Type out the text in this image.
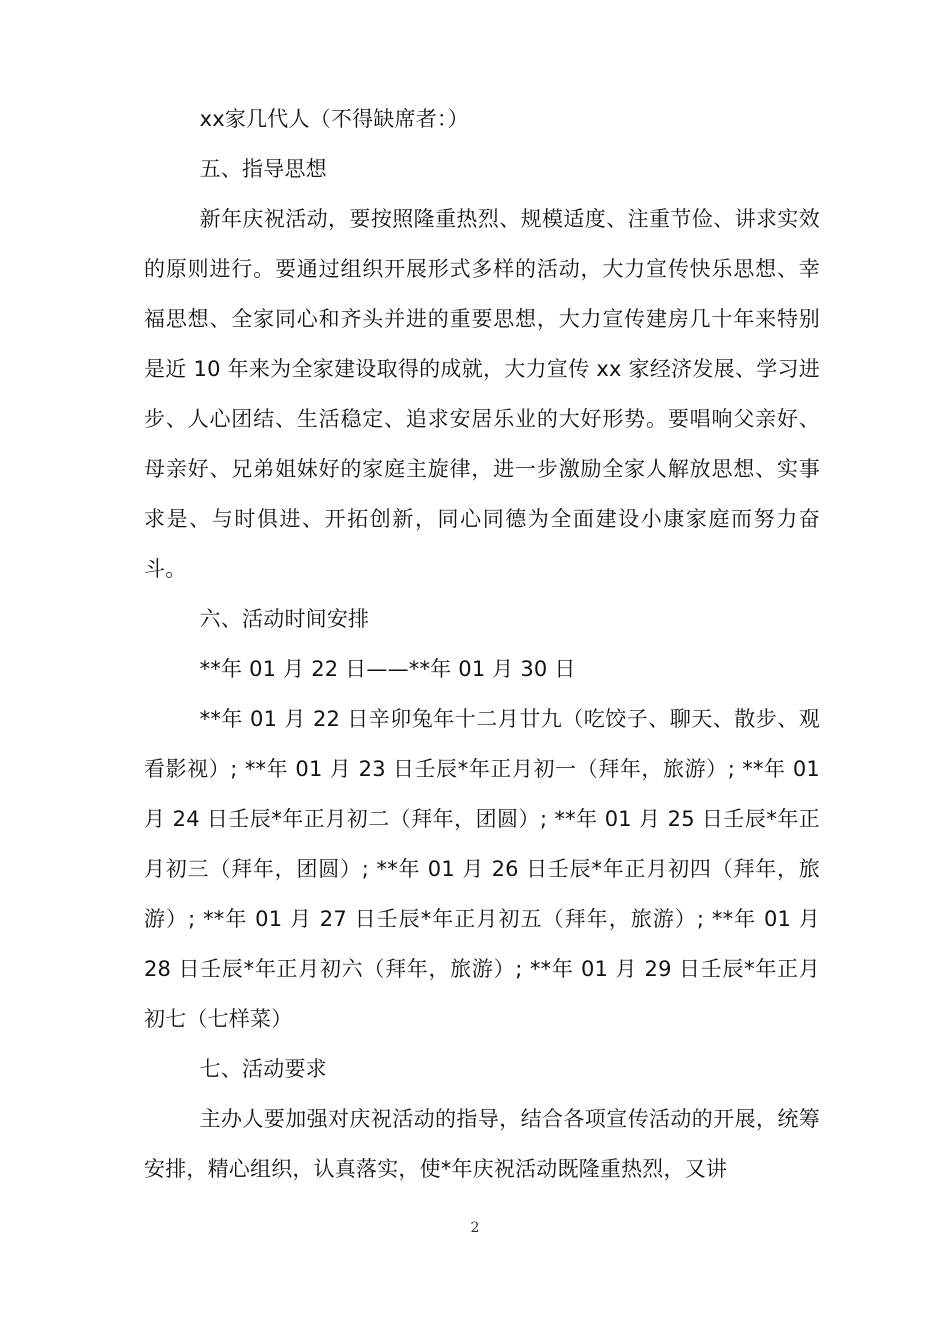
xx家几代人（不得缺席者：）

五、指导思想

新年庆祝活动，要按照隆重热烈、规模适度、注重节俭、讲求实效的原则进行。要通过组织开展形式多样的活动，大力宣传快乐思想、幸福思想、全家同心和齐头并进的重要思想，大力宣传建房几十年来特别是近 10 年来为全家建设取得的成就，大力宣传 xx 家经济发展、学习进步、人心团结、生活稳定、追求安居乐业的大好形势。要唱响父亲好、母亲好、兄弟姐妹好的家庭主旋律，进一步激励全家人解放思想、实事求是、与时俱进、开拓创新，同心同德为全面建设小康家庭而努力奋斗。

六、活动时间安排

**年 01 月 22 日——**年 01 月 30 日

**年 01 月 22 日辛卯兔年十二月廿九（吃饺子、聊天、散步、观看影视）; **年 01 月 23 日壬辰*年正月初一（拜年，旅游）; **年 01 月 24 日壬辰*年正月初二（拜年，团圆）; **年 01 月 25 日壬辰*年正月初三（拜年，团圆）; **年 01 月 26 日壬辰*年正月初四（拜年，旅游）; **年 01 月 27 日壬辰*年正月初五（拜年，旅游）; **年 01 月 28 日壬辰*年正月初六（拜年，旅游）; **年 01 月 29 日壬辰*年正月初七（七样菜）

七、活动要求

主办人要加强对庆祝活动的指导，结合各项宣传活动的开展，统筹安排，精心组织，认真落实，使*年庆祝活动既隆重热烈，又讲

2
